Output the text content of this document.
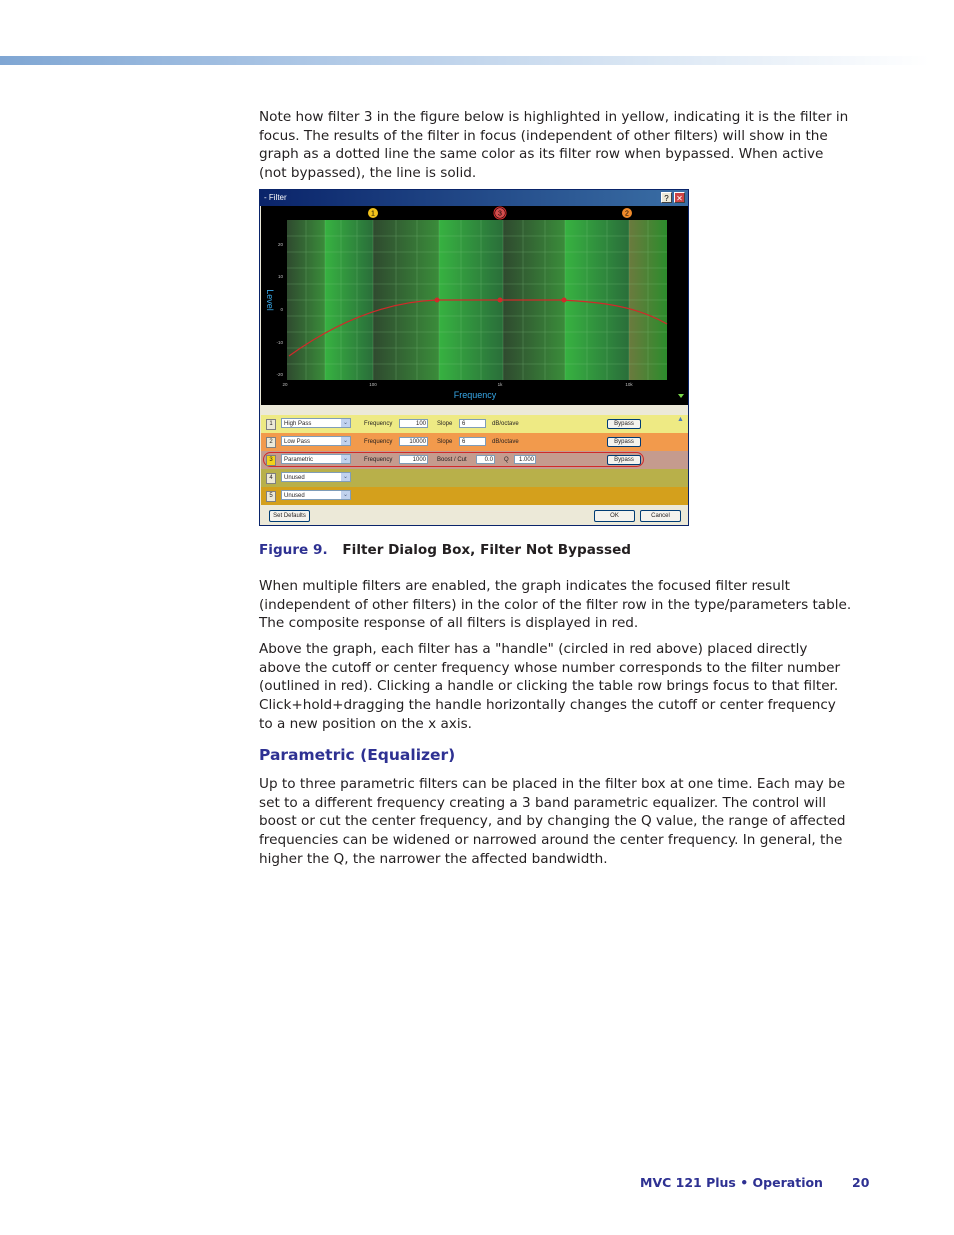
Note how filter 3 in the figure below is highlighted in yellow, indicating it is the filter in focus. The results of the filter in focus (independent of other filters) will show in the graph as a dotted line the same color as its filter row when bypassed. When active (not bypassed), the line is solid.

- Filter	? ✕
1	3	2
20
10
0
-10
-20
20	100	1k	10k
Level
Frequency
1	High Pass	⌄	Frequency	100	Slope	6	dB/octave	Bypass
▲
2	Low Pass	⌄	Frequency	10000	Slope	6	dB/octave	Bypass
3	Parametric	⌄	Frequency	1000	Boost / Cut	0.0	Q	1.000	Bypass
4	Unused	⌄
5	Unused	⌄
Set Defaults	OK	Cancel
Figure 9. Filter Dialog Box, Filter Not Bypassed

When multiple filters are enabled, the graph indicates the focused filter result (independent of other filters) in the color of the filter row in the type/parameters table. The composite response of all filters is displayed in red.

Above the graph, each filter has a "handle" (circled in red above) placed directly above the cutoff or center frequency whose number corresponds to the filter number (outlined in red). Clicking a handle or clicking the table row brings focus to that filter. Click+hold+dragging the handle horizontally changes the cutoff or center frequency to a new position on the x axis.

Parametric (Equalizer)

Up to three parametric filters can be placed in the filter box at one time. Each may be set to a different frequency creating a 3 band parametric equalizer. The control will boost or cut the center frequency, and by changing the Q value, the range of affected frequencies can be widened or narrowed around the center frequency. In general, the higher the Q, the narrower the affected bandwidth.

MVC 121 Plus • Operation 20
